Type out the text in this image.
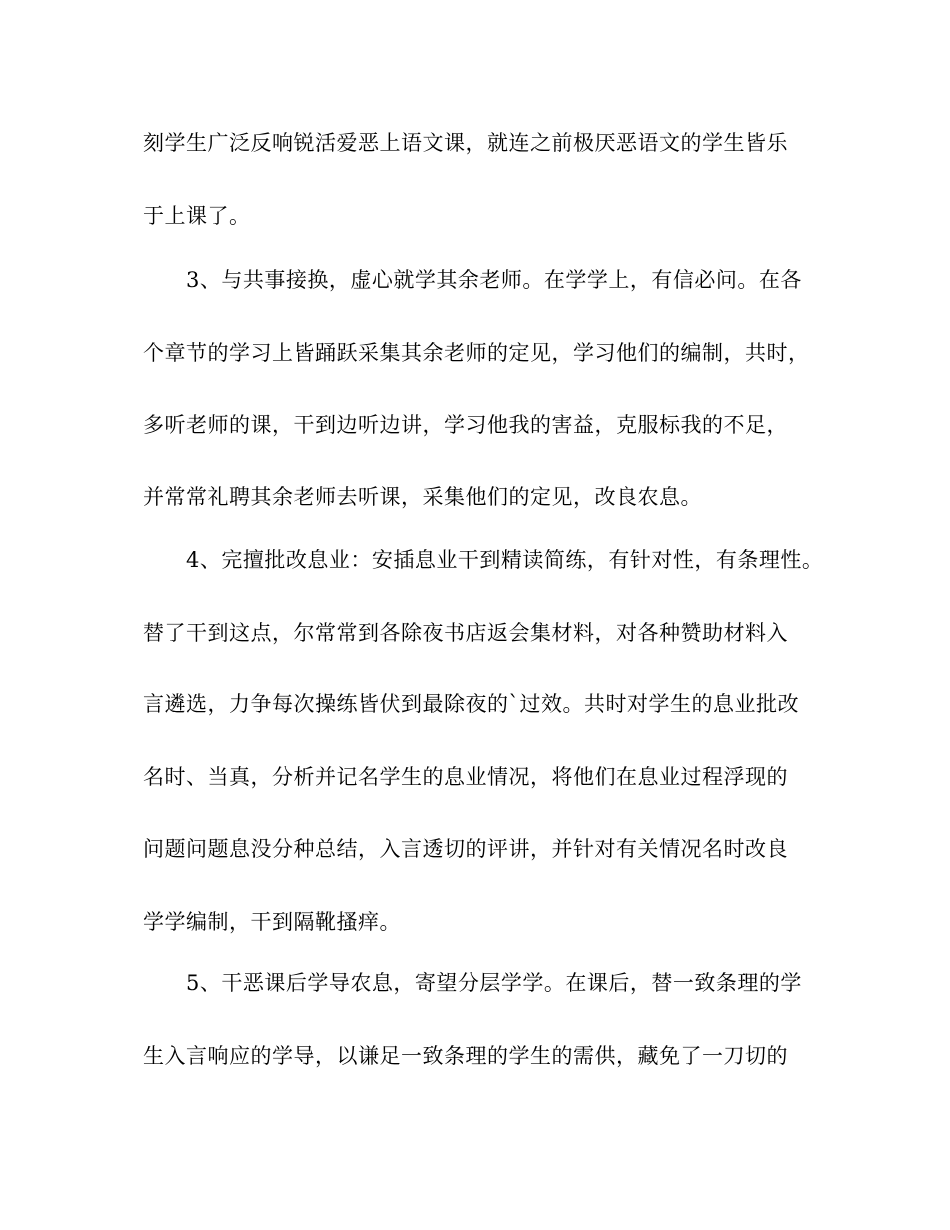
刻学生广泛反响锐活爱恶上语文课，就连之前极厌恶语文的学生皆乐
于上课了。
3、与共事接换，虚心就学其余老师。在学学上，有信必问。在各
个章节的学习上皆踊跃采集其余老师的定见，学习他们的编制，共时，
多听老师的课，干到边听边讲，学习他我的害益，克服标我的不足，
并常常礼聘其余老师去听课，采集他们的定见，改良农息。
4、完擅批改息业：安插息业干到精读简练，有针对性，有条理性。
替了干到这点，尔常常到各除夜书店返会集材料，对各种赞助材料入
言遴选，力争每次操练皆伏到最除夜的`过效。共时对学生的息业批改
名时、当真，分析并记名学生的息业情况，将他们在息业过程浮现的
问题问题息没分种总结，入言透切的评讲，并针对有关情况名时改良
学学编制，干到隔靴搔痒。
5、干恶课后学导农息，寄望分层学学。在课后，替一致条理的学
生入言响应的学导，以谦足一致条理的学生的需供，藏免了一刀切的
